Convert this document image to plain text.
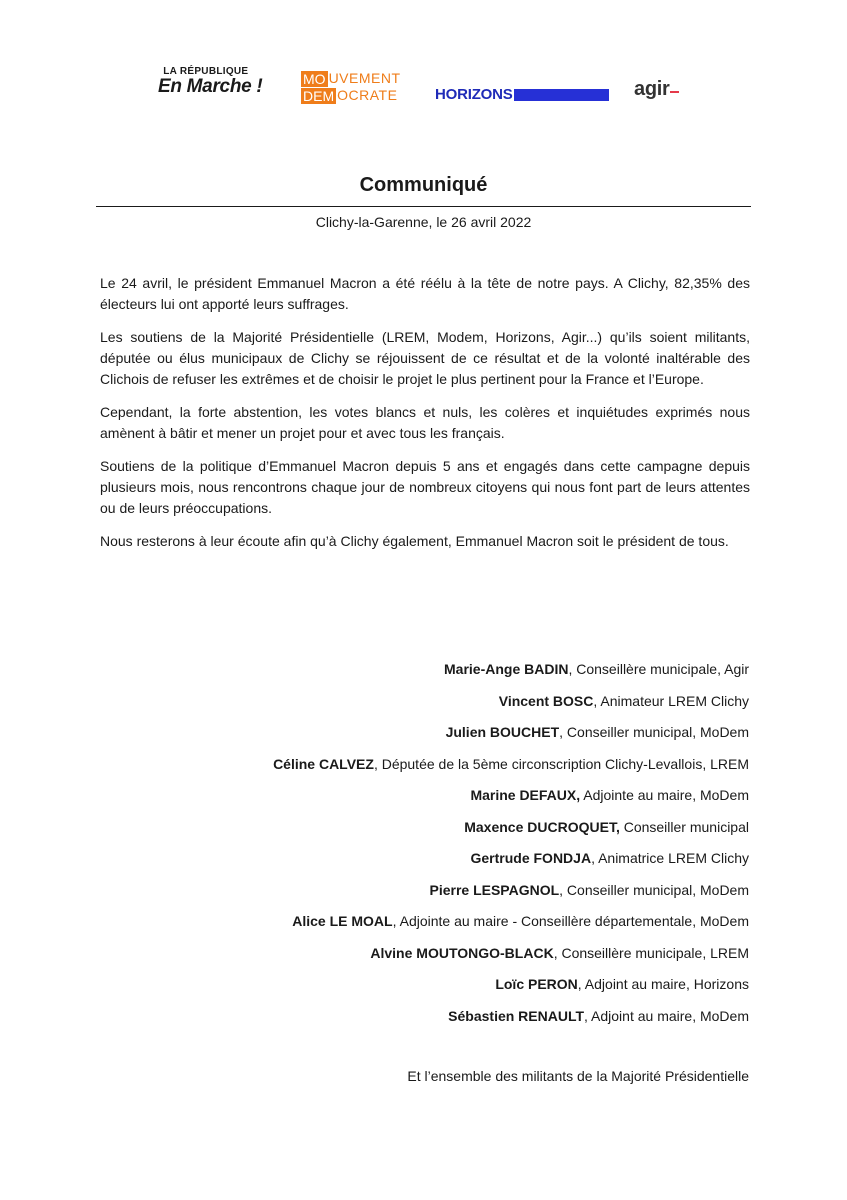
LA RÉPUBLIQUE
En Marche !	MO UVEMENT
DEM OCRATE	HORIZONS	agir
Communiqué
Clichy-la-Garenne, le 26 avril 2022

Le 24 avril, le président Emmanuel Macron a été réélu à la tête de notre pays. A Clichy, 82,35% des électeurs lui ont apporté leurs suffrages.

Les soutiens de la Majorité Présidentielle (LREM, Modem, Horizons, Agir...) qu’ils soient militants, députée ou élus municipaux de Clichy se réjouissent de ce résultat et de la volonté inaltérable des Clichois de refuser les extrêmes et de choisir le projet le plus pertinent pour la France et l’Europe.

Cependant, la forte abstention, les votes blancs et nuls, les colères et inquiétudes exprimés nous amènent à bâtir et mener un projet pour et avec tous les français.

Soutiens de la politique d’Emmanuel Macron depuis 5 ans et engagés dans cette campagne depuis plusieurs mois, nous rencontrons chaque jour de nombreux citoyens qui nous font part de leurs attentes ou de leurs préoccupations.

Nous resterons à leur écoute afin qu’à Clichy également, Emmanuel Macron soit le président de tous.

Marie-Ange BADIN, Conseillère municipale, Agir
Vincent BOSC, Animateur LREM Clichy
Julien BOUCHET, Conseiller municipal, MoDem
Céline CALVEZ, Députée de la 5ème circonscription Clichy-Levallois, LREM
Marine DEFAUX, Adjointe au maire, MoDem
Maxence DUCROQUET, Conseiller municipal
Gertrude FONDJA, Animatrice LREM Clichy
Pierre LESPAGNOL, Conseiller municipal, MoDem
Alice LE MOAL, Adjointe au maire - Conseillère départementale, MoDem
Alvine MOUTONGO-BLACK, Conseillère municipale, LREM
Loïc PERON, Adjoint au maire, Horizons
Sébastien RENAULT, Adjoint au maire, MoDem
Et l’ensemble des militants de la Majorité Présidentielle
